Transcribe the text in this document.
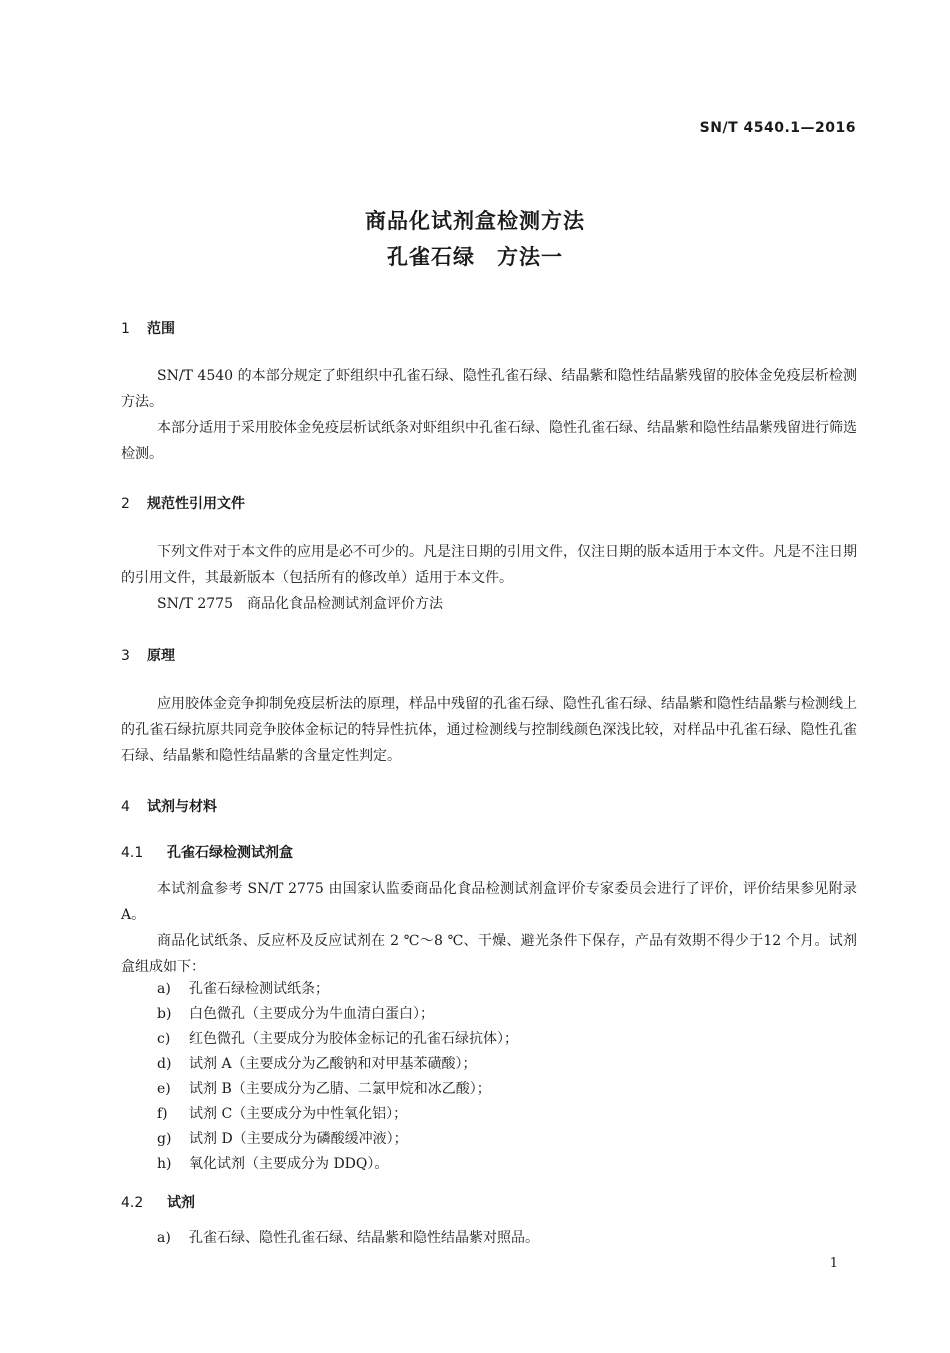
SN/T 4540.1—2016
商品化试剂盒检测方法
孔雀石绿　方法一
1 范围
SN/T 4540 的本部分规定了虾组织中孔雀石绿、隐性孔雀石绿、结晶紫和隐性结晶紫残留的胶体金免疫层析检测方法。
本部分适用于采用胶体金免疫层析试纸条对虾组织中孔雀石绿、隐性孔雀石绿、结晶紫和隐性结晶紫残留进行筛选检测。
2 规范性引用文件
下列文件对于本文件的应用是必不可少的。凡是注日期的引用文件，仅注日期的版本适用于本文件。凡是不注日期的引用文件，其最新版本（包括所有的修改单）适用于本文件。
SN/T 2775　商品化食品检测试剂盒评价方法
3 原理
应用胶体金竞争抑制免疫层析法的原理，样品中残留的孔雀石绿、隐性孔雀石绿、结晶紫和隐性结晶紫与检测线上的孔雀石绿抗原共同竞争胶体金标记的特异性抗体，通过检测线与控制线颜色深浅比较，对样品中孔雀石绿、隐性孔雀石绿、结晶紫和隐性结晶紫的含量定性判定。
4 试剂与材料
4.1 孔雀石绿检测试剂盒
本试剂盒参考 SN/T 2775 由国家认监委商品化食品检测试剂盒评价专家委员会进行了评价，评价结果参见附录 A。
商品化试纸条、反应杯及反应试剂在 2 ℃～8 ℃、干燥、避光条件下保存，产品有效期不得少于12 个月。试剂盒组成如下：
a) 孔雀石绿检测试纸条；
b) 白色微孔（主要成分为牛血清白蛋白）；
c) 红色微孔（主要成分为胶体金标记的孔雀石绿抗体）；
d) 试剂 A（主要成分为乙酸钠和对甲基苯磺酸）；
e) 试剂 B（主要成分为乙腈、二氯甲烷和冰乙酸）；
f) 试剂 C（主要成分为中性氧化铝）；
g) 试剂 D（主要成分为磷酸缓冲液）；
h) 氧化试剂（主要成分为 DDQ）。
4.2 试剂
a) 孔雀石绿、隐性孔雀石绿、结晶紫和隐性结晶紫对照品。
1
